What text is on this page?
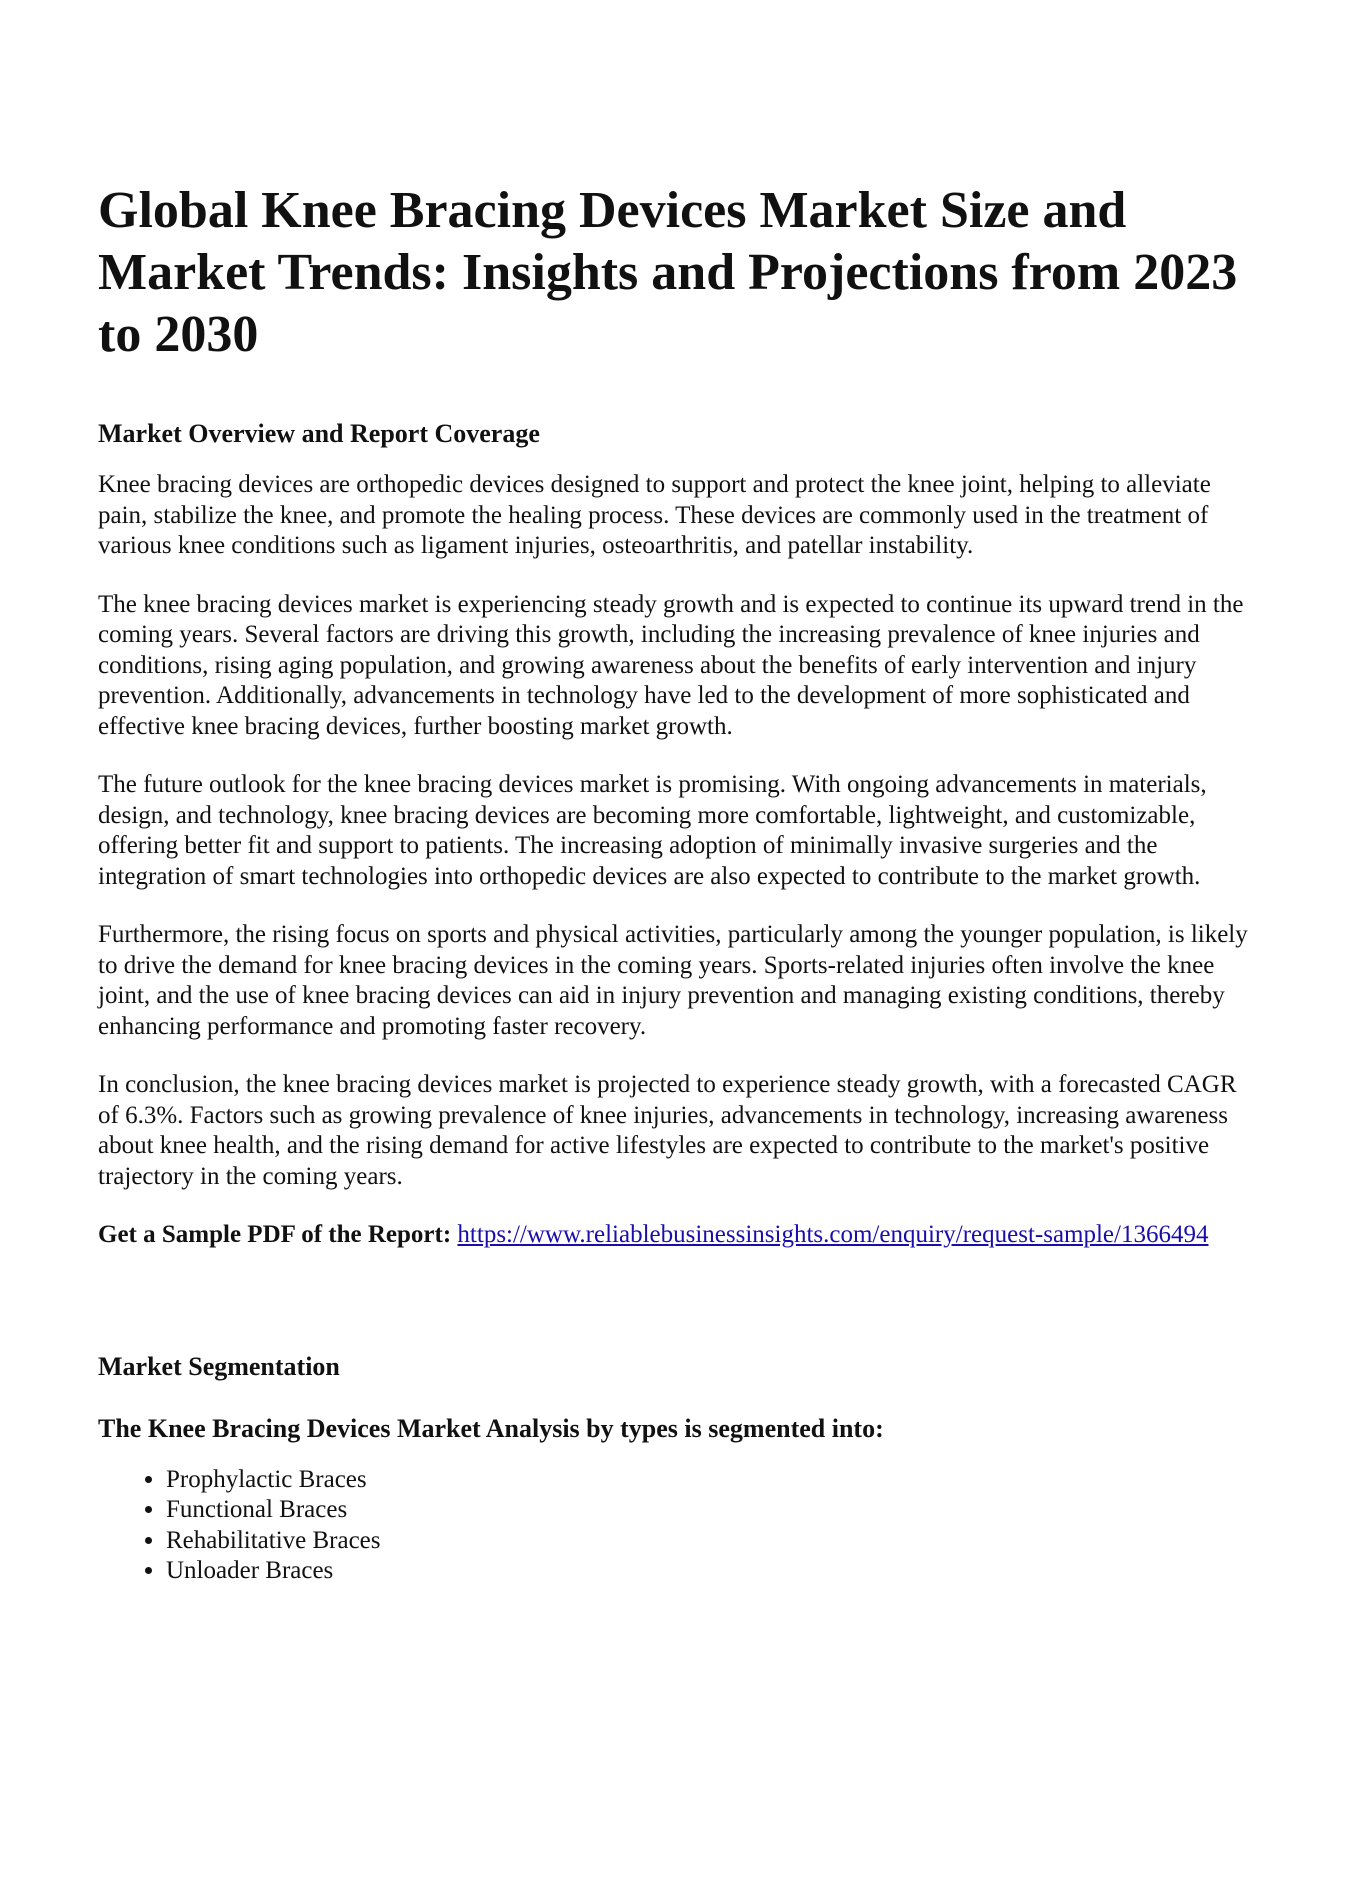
Global Knee Bracing Devices Market Size and Market Trends: Insights and Projections from 2023 to 2030
Market Overview and Report Coverage

Knee bracing devices are orthopedic devices designed to support and protect the knee joint, helping to alleviate pain, stabilize the knee, and promote the healing process. These devices are commonly used in the treatment of various knee conditions such as ligament injuries, osteoarthritis, and patellar instability.

The knee bracing devices market is experiencing steady growth and is expected to continue its upward trend in the coming years. Several factors are driving this growth, including the increasing prevalence of knee injuries and conditions, rising aging population, and growing awareness about the benefits of early intervention and injury prevention. Additionally, advancements in technology have led to the development of more sophisticated and effective knee bracing devices, further boosting market growth.

The future outlook for the knee bracing devices market is promising. With ongoing advancements in materials, design, and technology, knee bracing devices are becoming more comfortable, lightweight, and customizable, offering better fit and support to patients. The increasing adoption of minimally invasive surgeries and the integration of smart technologies into orthopedic devices are also expected to contribute to the market growth.

Furthermore, the rising focus on sports and physical activities, particularly among the younger population, is likely to drive the demand for knee bracing devices in the coming years. Sports-related injuries often involve the knee joint, and the use of knee bracing devices can aid in injury prevention and managing existing conditions, thereby enhancing performance and promoting faster recovery.

In conclusion, the knee bracing devices market is projected to experience steady growth, with a forecasted CAGR of 6.3%. Factors such as growing prevalence of knee injuries, advancements in technology, increasing awareness about knee health, and the rising demand for active lifestyles are expected to contribute to the market's positive trajectory in the coming years.

Get a Sample PDF of the Report: https://www.reliablebusinessinsights.com/enquiry/request-sample/1366494

Market Segmentation
The Knee Bracing Devices Market Analysis by types is segmented into:
• Prophylactic Braces
• Functional Braces
• Rehabilitative Braces
• Unloader Braces
